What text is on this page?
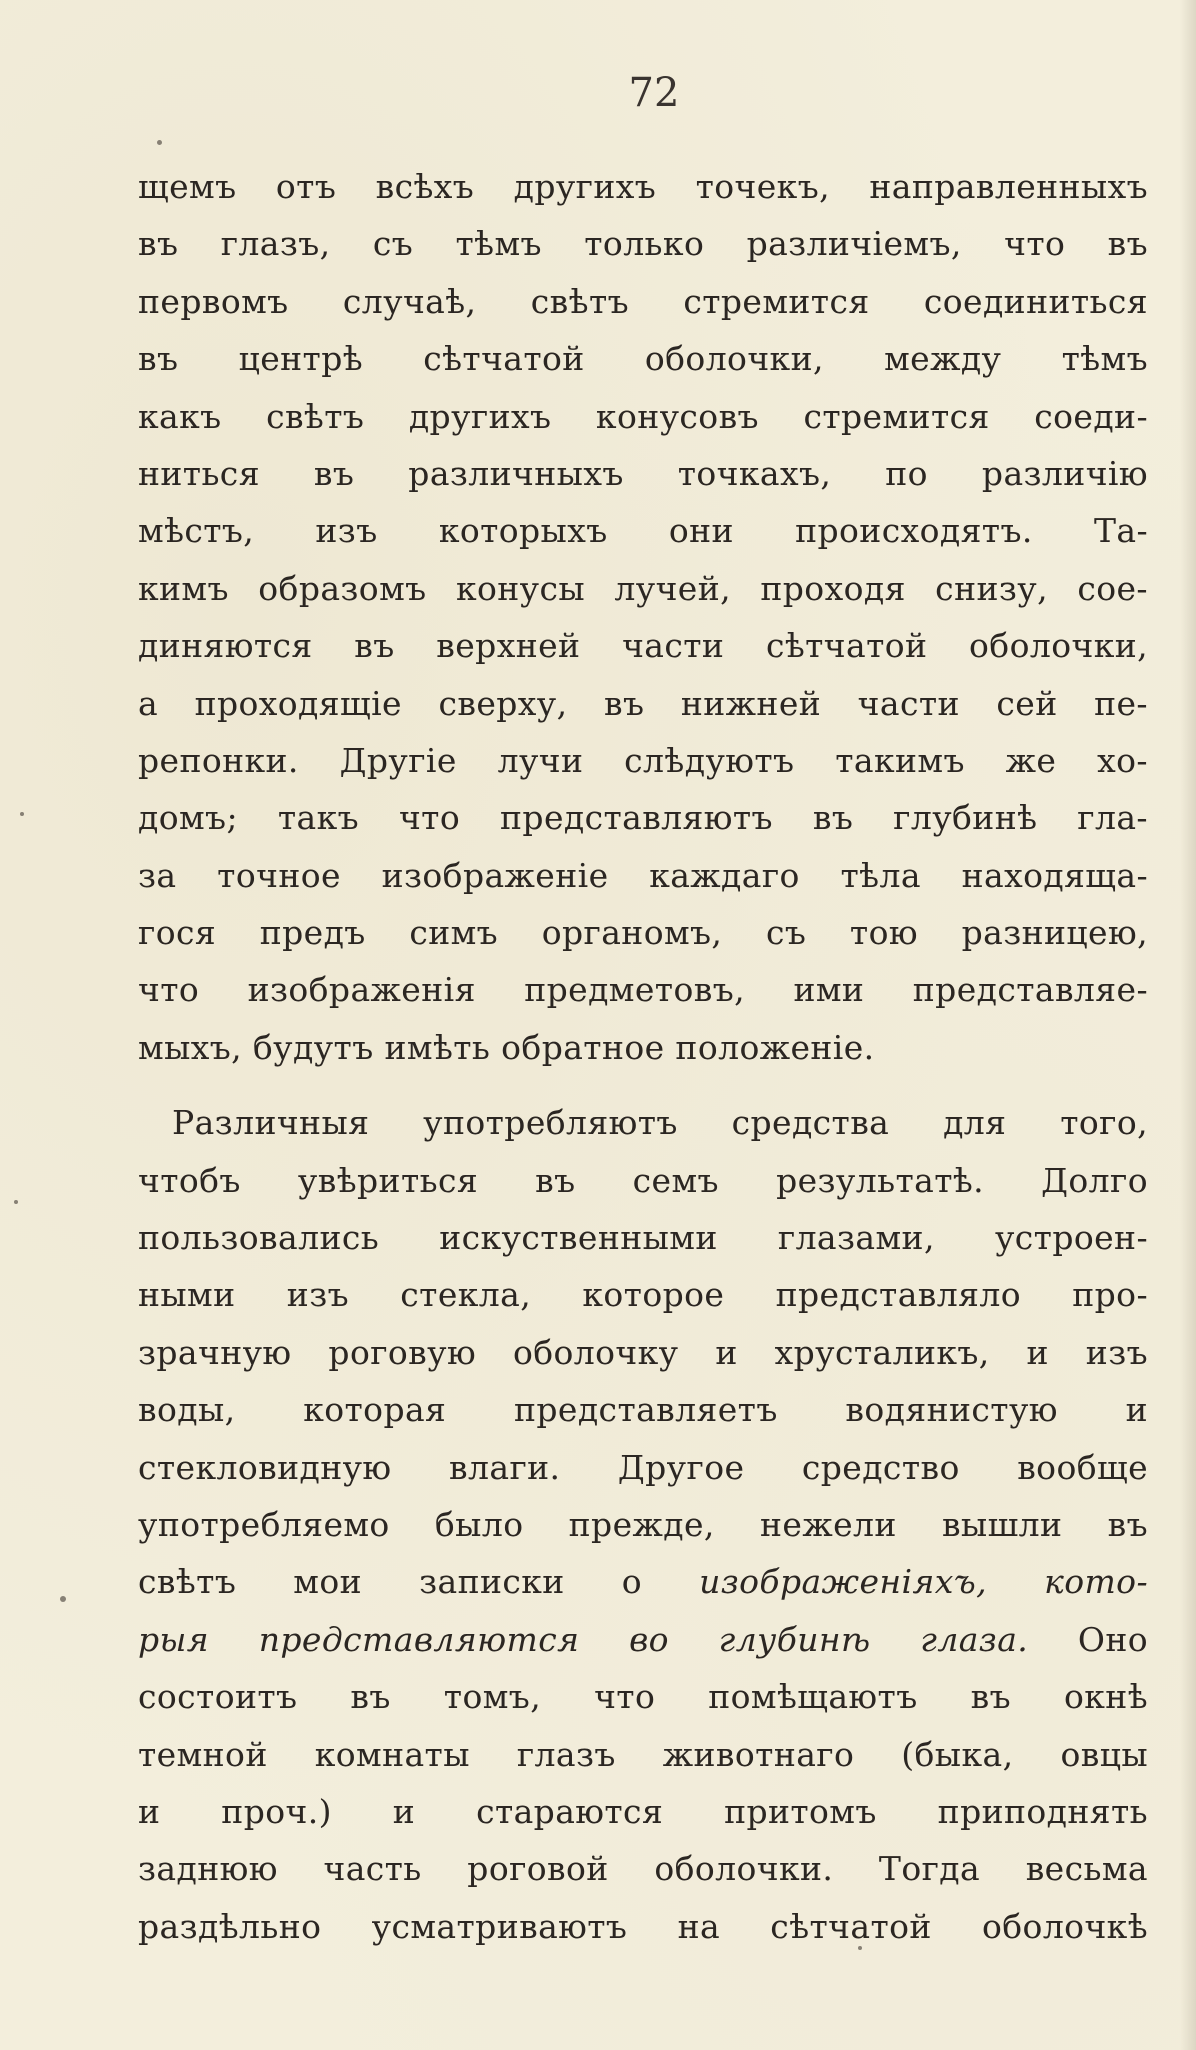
72
щемъ отъ всѣхъ другихъ точекъ, направленныхъ
въ глазъ, съ тѣмъ только различіемъ, что въ
первомъ случаѣ, свѣтъ стремится соединиться
въ центрѣ сѣтчатой оболочки, между тѣмъ
какъ свѣтъ другихъ конусовъ стремится соеди-
ниться въ различныхъ точкахъ, по различію
мѣстъ, изъ которыхъ они происходятъ. Та-
кимъ образомъ конусы лучей, проходя снизу, сое-
диняются въ верхней части сѣтчатой оболочки,
а проходящіе сверху, въ нижней части сей пе-
репонки. Другіе лучи слѣдуютъ такимъ же хо-
домъ; такъ что представляютъ въ глубинѣ гла-
за точное изображеніе каждаго тѣла находяща-
гося предъ симъ органомъ, съ тою разницею,
что изображенія предметовъ, ими представляе-
мыхъ, будутъ имѣть обратное положеніе.
Различныя употребляютъ средства для того,
чтобъ увѣриться въ семъ результатѣ. Долго
пользовались искуственными глазами, устроен-
ными изъ стекла, которое представляло про-
зрачную роговую оболочку и хрусталикъ, и изъ
воды, которая представляетъ водянистую и
стекловидную влаги. Другое средство вообще
употребляемо было прежде, нежели вышли въ
свѣтъ мои записки о изображеніяхъ, кото-
рыя представляются во глубинѣ глаза. Оно
состоитъ въ томъ, что помѣщаютъ въ окнѣ
темной комнаты глазъ животнаго (быка, овцы
и проч.) и стараются притомъ приподнять
заднюю часть роговой оболочки. Тогда весьма
раздѣльно усматриваютъ на сѣтчатой оболочкѣ
